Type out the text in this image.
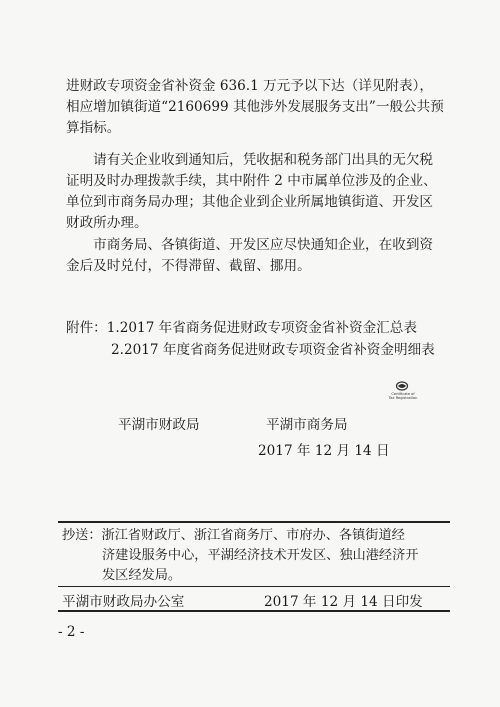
进财政专项资金省补资金 636.1 万元予以下达（详见附表），
相应增加镇街道“2160699 其他涉外发展服务支出”一般公共预
算指标。

　　请有关企业收到通知后，凭收据和税务部门出具的无欠税
证明及时办理拨款手续，其中附件 2 中市属单位涉及的企业、
单位到市商务局办理；其他企业到企业所属地镇街道、开发区
财政所办理。

　　市商务局、各镇街道、开发区应尽快通知企业，在收到资
金后及时兑付，不得滞留、截留、挪用。

附件：1.2017 年省商务促进财政专项资金省补资金汇总表
2.2017 年度省商务促进财政专项资金省补资金明细表
Certificate of
Tax Registration
平湖市财政局	平湖市商务局
2017 年 12 月 14 日
抄送：浙江省财政厅、浙江省商务厅、市府办、各镇街道经
济建设服务中心，平湖经济技术开发区、独山港经济开
发区经发局。
平湖市财政局办公室	2017 年 12 月 14 日印发
- 2 -
